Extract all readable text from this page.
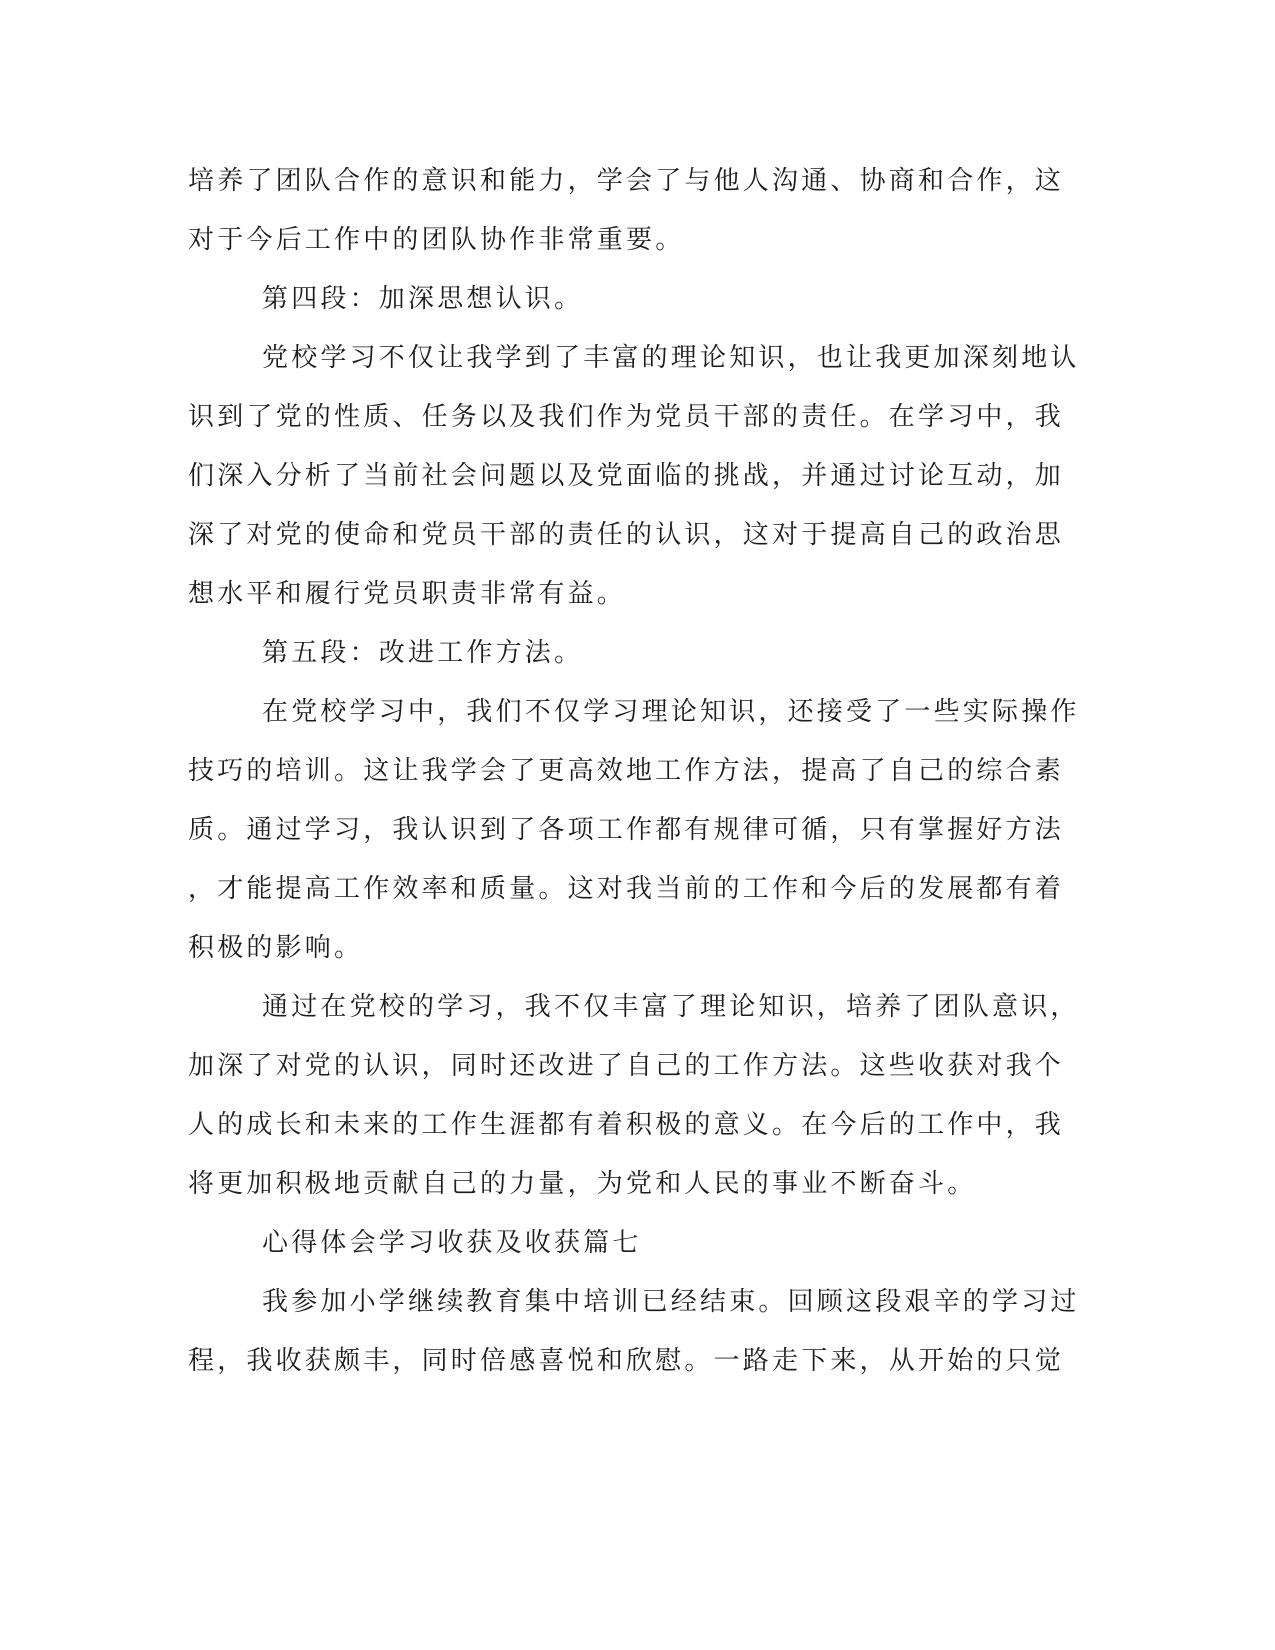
培养了团队合作的意识和能力，学会了与他人沟通、协商和合作，这
对于今后工作中的团队协作非常重要。
第四段：加深思想认识。
党校学习不仅让我学到了丰富的理论知识，也让我更加深刻地认
识到了党的性质、任务以及我们作为党员干部的责任。在学习中，我
们深入分析了当前社会问题以及党面临的挑战，并通过讨论互动，加
深了对党的使命和党员干部的责任的认识，这对于提高自己的政治思
想水平和履行党员职责非常有益。
第五段：改进工作方法。
在党校学习中，我们不仅学习理论知识，还接受了一些实际操作
技巧的培训。这让我学会了更高效地工作方法，提高了自己的综合素
质。通过学习，我认识到了各项工作都有规律可循，只有掌握好方法
，才能提高工作效率和质量。这对我当前的工作和今后的发展都有着
积极的影响。
通过在党校的学习，我不仅丰富了理论知识，培养了团队意识，
加深了对党的认识，同时还改进了自己的工作方法。这些收获对我个
人的成长和未来的工作生涯都有着积极的意义。在今后的工作中，我
将更加积极地贡献自己的力量，为党和人民的事业不断奋斗。
心得体会学习收获及收获篇七
我参加小学继续教育集中培训已经结束。回顾这段艰辛的学习过
程，我收获颇丰，同时倍感喜悦和欣慰。一路走下来，从开始的只觉
